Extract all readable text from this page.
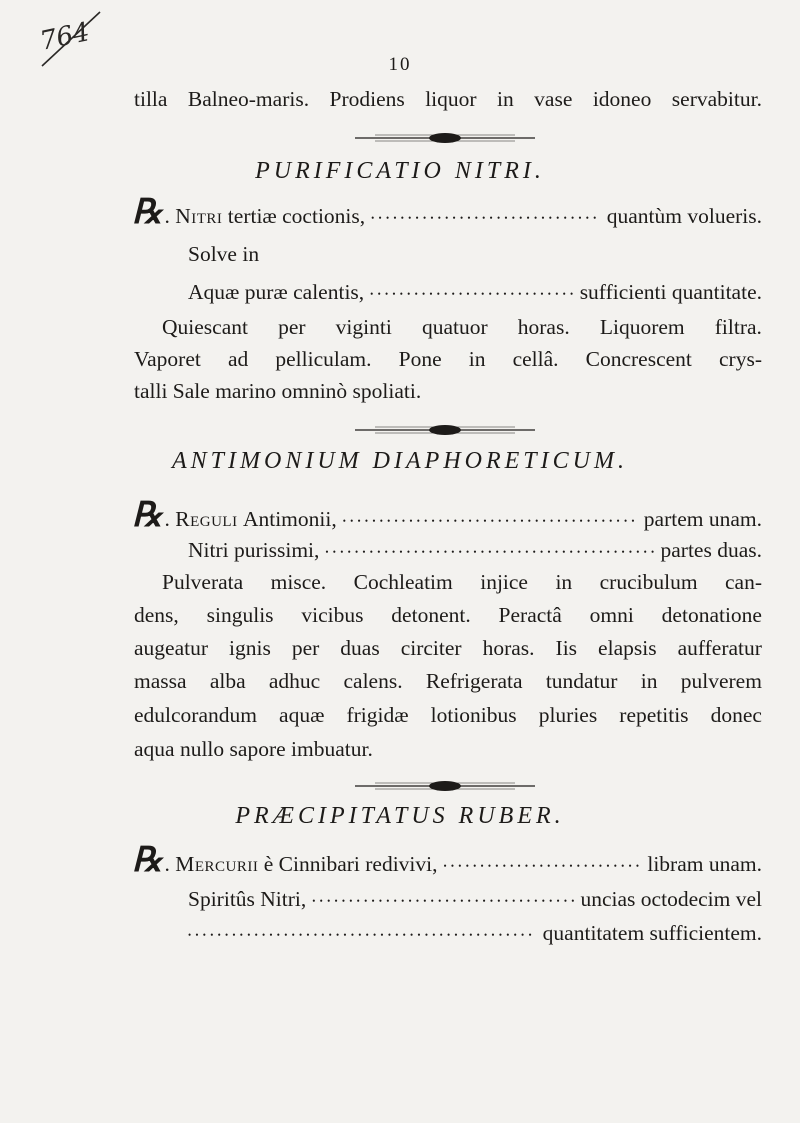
764
10
tilla Balneo-maris. Prodiens liquor in vase idoneo servabitur.
PURIFICATIO NITRI.
℞ . Nitri
tertiæ coctionis, • • •	quantùm volueris.
Solve in
Aquæ puræ calentis, • • •	sufficienti quantitate.
Quiescant per viginti quatuor horas. Liquorem filtra.
Vaporet ad pelliculam. Pone in cellâ. Concrescent crys-
talli Sale marino omninò spoliati.
ANTIMONIUM DIAPHORETICUM.
℞ . Reguli
Antimonii, • • •	partem unam.
Nitri purissimi, • • •	partes duas.
Pulverata misce. Cochleatim injice in crucibulum can-
dens, singulis vicibus detonent. Peractâ omni detonatione
augeatur ignis per duas circiter horas. Iis elapsis aufferatur
massa alba adhuc calens. Refrigerata tundatur in pulverem
edulcorandum aquæ frigidæ lotionibus pluries repetitis donec
aqua nullo sapore imbuatur.
PRÆCIPITATUS RUBER.
℞ . Mercurii
è Cinnibari redivivi, • • •	libram unam.
Spiritûs Nitri, • • •	uncias octodecim vel
• • •
quantitatem sufficientem.
